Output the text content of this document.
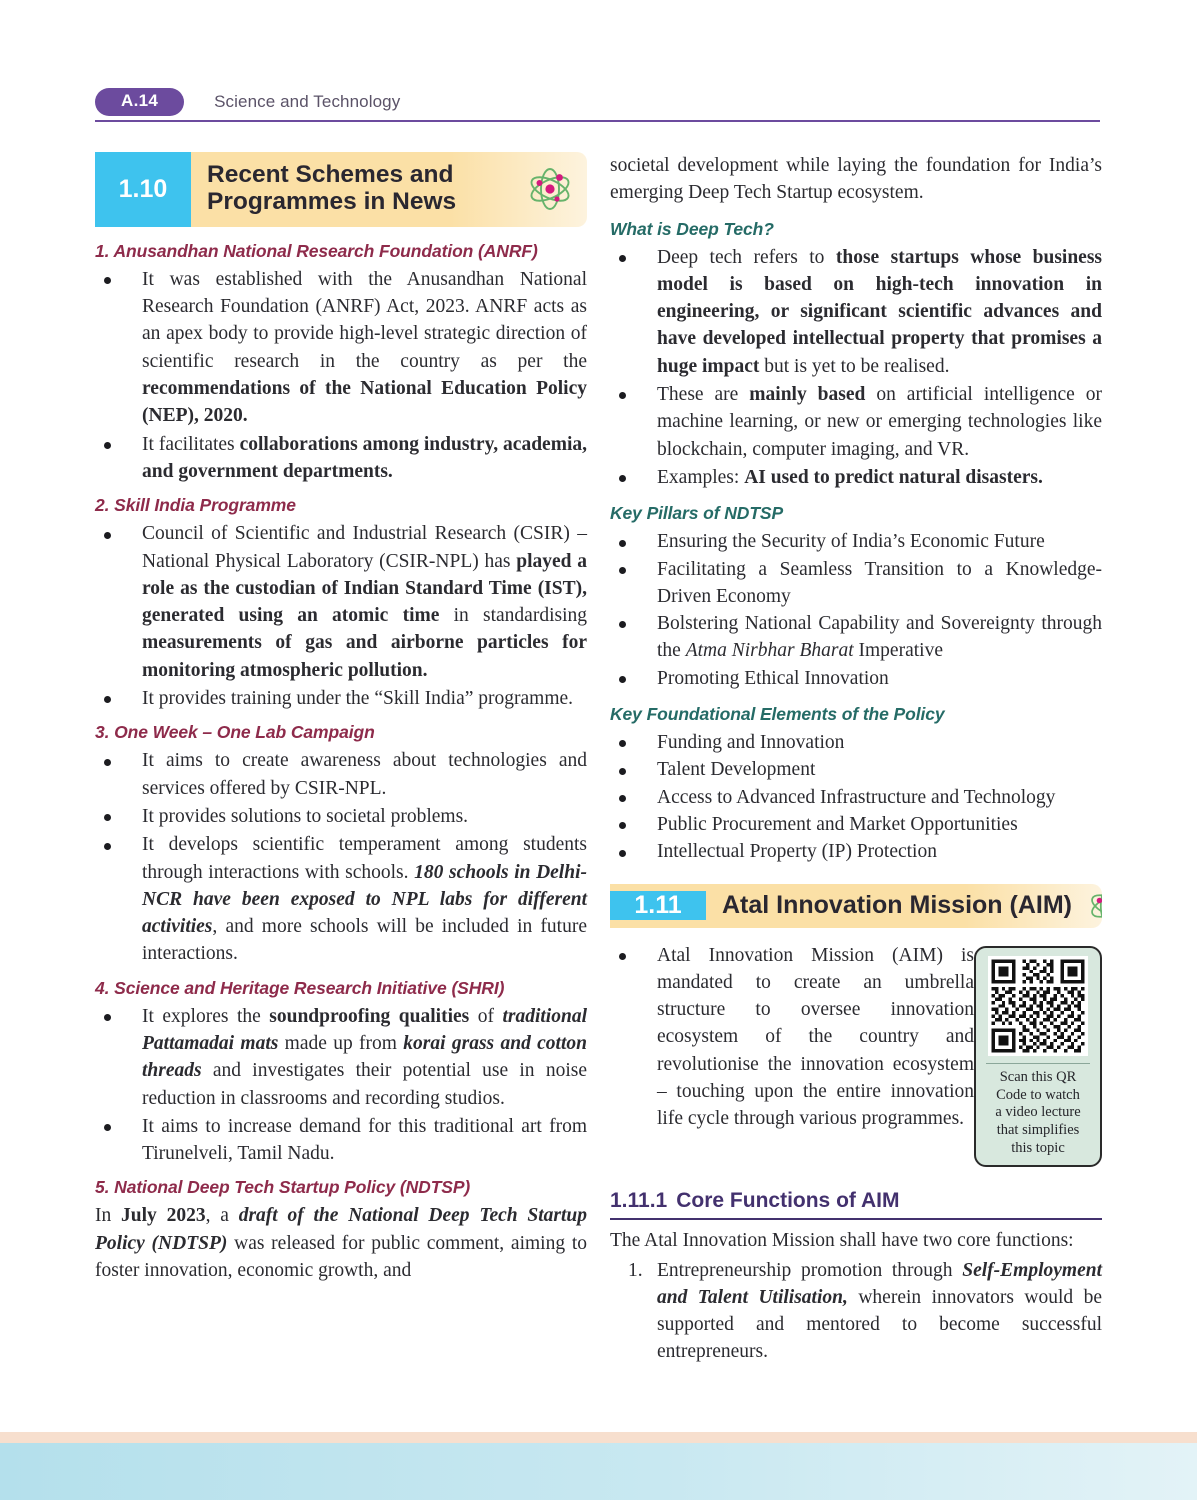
A.14	Science and Technology
1.10
Recent Schemes and
Programmes in News
1. Anusandhan National Research Foundation (ANRF)
It was established with the Anusandhan National Research Foundation (ANRF) Act, 2023. ANRF acts as an apex body to provide high-level strategic direction of scientific research in the country as per the recommendations of the National Education Policy (NEP), 2020.
It facilitates collaborations among industry, academia, and government departments.
2. Skill India Programme
Council of Scientific and Industrial Research (CSIR) – National Physical Laboratory (CSIR-NPL) has played a role as the custodian of Indian Standard Time (IST), generated using an atomic time in standardising measurements of gas and airborne particles for monitoring atmospheric pollution.
It provides training under the “Skill India” programme.
3. One Week – One Lab Campaign
It aims to create awareness about technologies and services offered by CSIR-NPL.
It provides solutions to societal problems.
It develops scientific temperament among students through interactions with schools. 180 schools in Delhi-NCR have been exposed to NPL labs for different activities, and more schools will be included in future interactions.
4. Science and Heritage Research Initiative (SHRI)
It explores the soundproofing qualities of traditional Pattamadai mats made up from korai grass and cotton threads and investigates their potential use in noise reduction in classrooms and recording studios.
It aims to increase demand for this traditional art from Tirunelveli, Tamil Nadu.
5. National Deep Tech Startup Policy (NDTSP)

In July 2023, a draft of the National Deep Tech Startup Policy (NDTSP) was released for public comment, aiming to foster innovation, economic growth, and

societal development while laying the foundation for India’s emerging Deep Tech Startup ecosystem.

What is Deep Tech?
Deep tech refers to those startups whose business model is based on high-tech innovation in engineering, or significant scientific advances and have developed intellectual property that promises a huge impact but is yet to be realised.
These are mainly based on artificial intelligence or machine learning, or new or emerging technologies like blockchain, computer imaging, and VR.
Examples: AI used to predict natural disasters.
Key Pillars of NDTSP
Ensuring the Security of India’s Economic Future
Facilitating a Seamless Transition to a Knowledge-Driven Economy
Bolstering National Capability and Sovereignty through the Atma Nirbhar Bharat Imperative
Promoting Ethical Innovation
Key Foundational Elements of the Policy
Funding and Innovation
Talent Development
Access to Advanced Infrastructure and Technology
Public Procurement and Market Opportunities
Intellectual Property (IP) Protection
1.11	Atal Innovation Mission (AIM)
Scan this QR
Code to watch
a video lecture
that simplifies
this topic
Atal Innovation Mission (AIM) is mandated to create an umbrella structure to oversee innovation ecosystem of the country and revolutionise the innovation ecosystem – touching upon the entire innovation life cycle through various programmes.
1.11.1 Core Functions of AIM

The Atal Innovation Mission shall have two core functions:

1. Entrepreneurship promotion through Self-Employment and Talent Utilisation, wherein innovators would be supported and mentored to become successful entrepreneurs.
